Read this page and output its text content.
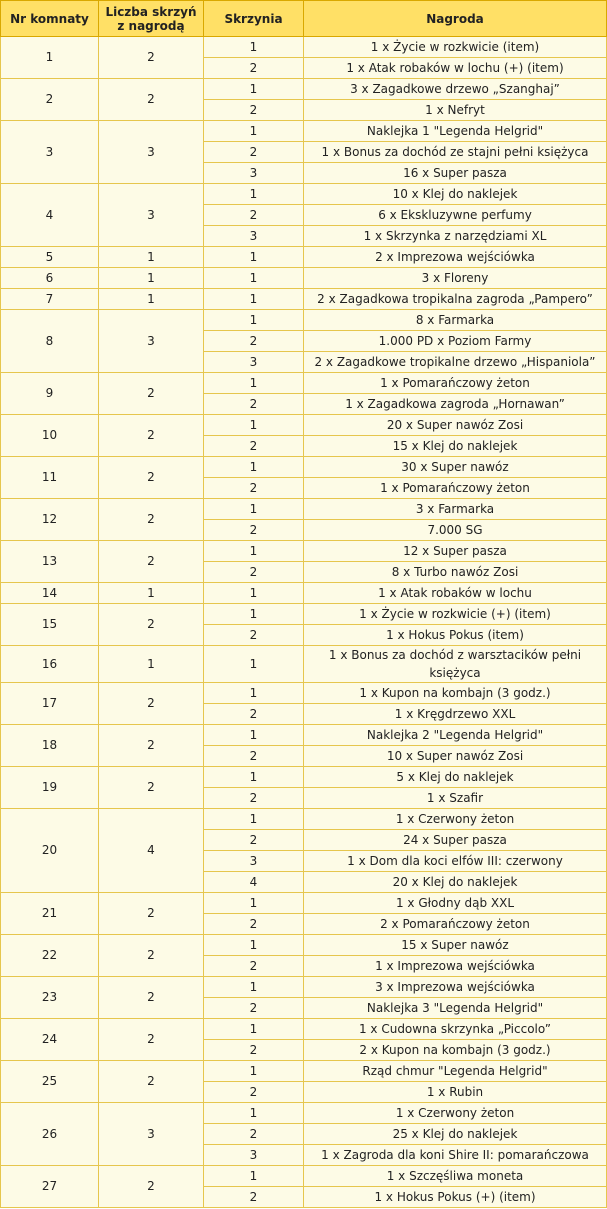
Nr komnaty	Liczba skrzyń z nagrodą	Skrzynia	Nagroda
1	2	1	1 x Życie w rozkwicie (item)
		2	1 x Atak robaków w lochu (+) (item)
2	2	1	3 x Zagadkowe drzewo „Szanghaj”
		2	1 x Nefryt
3	3	1	Naklejka 1 "Legenda Helgrid"
		2	1 x Bonus za dochód ze stajni pełni księżyca
		3	16 x Super pasza
4	3	1	10 x Klej do naklejek
		2	6 x Ekskluzywne perfumy
		3	1 x Skrzynka z narzędziami XL
5	1	1	2 x Imprezowa wejściówka
6	1	1	3 x Floreny
7	1	1	2 x Zagadkowa tropikalna zagroda „Pampero”
8	3	1	8 x Farmarka
		2	1.000 PD x Poziom Farmy
		3	2 x Zagadkowe tropikalne drzewo „Hispaniola”
9	2	1	1 x Pomarańczowy żeton
		2	1 x Zagadkowa zagroda „Hornawan”
10	2	1	20 x Super nawóz Zosi
		2	15 x Klej do naklejek
11	2	1	30 x Super nawóz
		2	1 x Pomarańczowy żeton
12	2	1	3 x Farmarka
		2	7.000 SG
13	2	1	12 x Super pasza
		2	8 x Turbo nawóz Zosi
14	1	1	1 x Atak robaków w lochu
15	2	1	1 x Życie w rozkwicie (+) (item)
		2	1 x Hokus Pokus (item)
16	1	1	1 x Bonus za dochód z warsztacików pełni księżyca
17	2	1	1 x Kupon na kombajn (3 godz.)
		2	1 x Kręgdrzewo XXL
18	2	1	Naklejka 2 "Legenda Helgrid"
		2	10 x Super nawóz Zosi
19	2	1	5 x Klej do naklejek
		2	1 x Szafir
20	4	1	1 x Czerwony żeton
		2	24 x Super pasza
		3	1 x Dom dla koci elfów III: czerwony
		4	20 x Klej do naklejek
21	2	1	1 x Głodny dąb XXL
		2	2 x Pomarańczowy żeton
22	2	1	15 x Super nawóz
		2	1 x Imprezowa wejściówka
23	2	1	3 x Imprezowa wejściówka
		2	Naklejka 3 "Legenda Helgrid"
24	2	1	1 x Cudowna skrzynka „Piccolo”
		2	2 x Kupon na kombajn (3 godz.)
25	2	1	Rząd chmur "Legenda Helgrid"
		2	1 x Rubin
26	3	1	1 x Czerwony żeton
		2	25 x Klej do naklejek
		3	1 x Zagroda dla koni Shire II: pomarańczowa
27	2	1	1 x Szczęśliwa moneta
		2	1 x Hokus Pokus (+) (item)
